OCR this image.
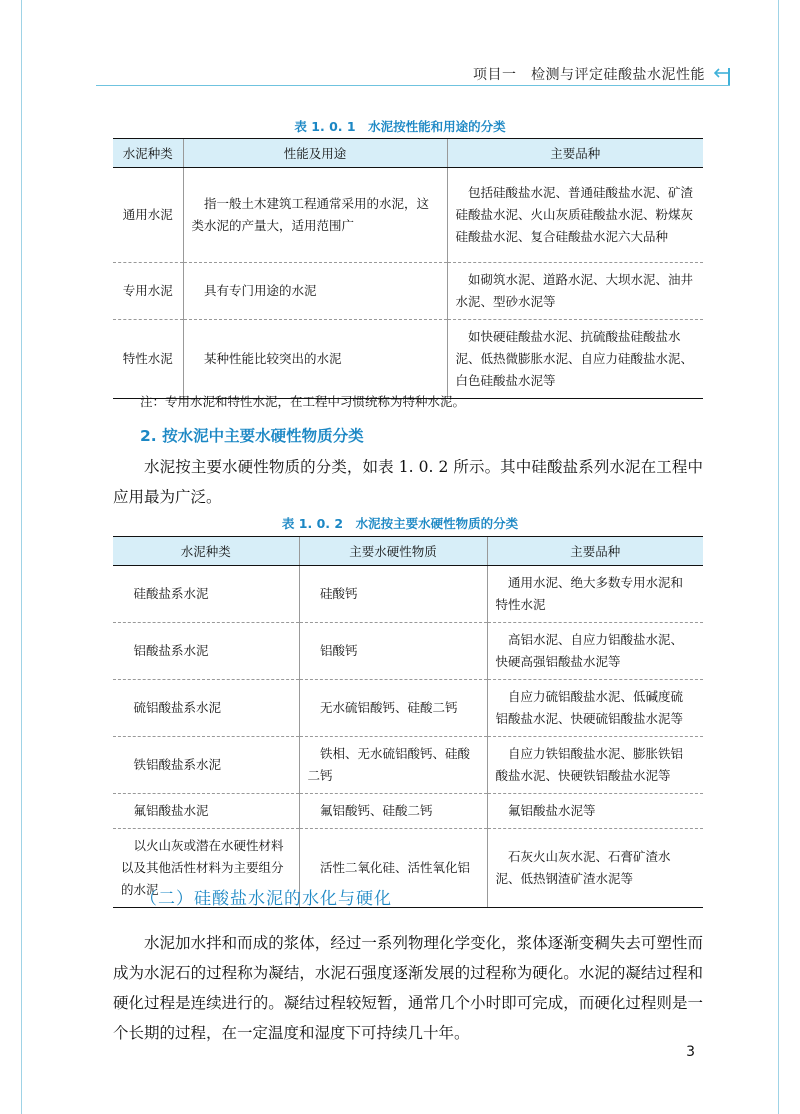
项目一　检测与评定硅酸盐水泥性能
表 1. 0. 1　水泥按性能和用途的分类
水泥种类	性能及用途	主要品种
通用水泥	指一般土木建筑工程通常采用的水泥，这类水泥的产量大，适用范围广	包括硅酸盐水泥、普通硅酸盐水泥、矿渣硅酸盐水泥、火山灰质硅酸盐水泥、粉煤灰硅酸盐水泥、复合硅酸盐水泥六大品种
专用水泥	具有专门用途的水泥	如砌筑水泥、道路水泥、大坝水泥、油井水泥、型砂水泥等
特性水泥	某种性能比较突出的水泥	如快硬硅酸盐水泥、抗硫酸盐硅酸盐水泥、低热微膨胀水泥、自应力硅酸盐水泥、白色硅酸盐水泥等
注：专用水泥和特性水泥，在工程中习惯统称为特种水泥。
2. 按水泥中主要水硬性物质分类
水泥按主要水硬性物质的分类，如表 1. 0. 2 所示。其中硅酸盐系列水泥在工程中应用最为广泛。
表 1. 0. 2　水泥按主要水硬性物质的分类
水泥种类	主要水硬性物质	主要品种
硅酸盐系水泥	硅酸钙	通用水泥、绝大多数专用水泥和特性水泥
铝酸盐系水泥	铝酸钙	高铝水泥、自应力铝酸盐水泥、快硬高强铝酸盐水泥等
硫铝酸盐系水泥	无水硫铝酸钙、硅酸二钙	自应力硫铝酸盐水泥、低碱度硫铝酸盐水泥、快硬硫铝酸盐水泥等
铁铝酸盐系水泥	铁相、无水硫铝酸钙、硅酸二钙	自应力铁铝酸盐水泥、膨胀铁铝酸盐水泥、快硬铁铝酸盐水泥等
氟铝酸盐水泥	氟铝酸钙、硅酸二钙	氟铝酸盐水泥等
以火山灰或潜在水硬性材料以及其他活性材料为主要组分的水泥	活性二氧化硅、活性氧化铝	石灰火山灰水泥、石膏矿渣水泥、低热钢渣矿渣水泥等
（二）硅酸盐水泥的水化与硬化
水泥加水拌和而成的浆体，经过一系列物理化学变化，浆体逐渐变稠失去可塑性而成为水泥石的过程称为凝结，水泥石强度逐渐发展的过程称为硬化。水泥的凝结过程和硬化过程是连续进行的。凝结过程较短暂，通常几个小时即可完成，而硬化过程则是一个长期的过程，在一定温度和湿度下可持续几十年。
3
